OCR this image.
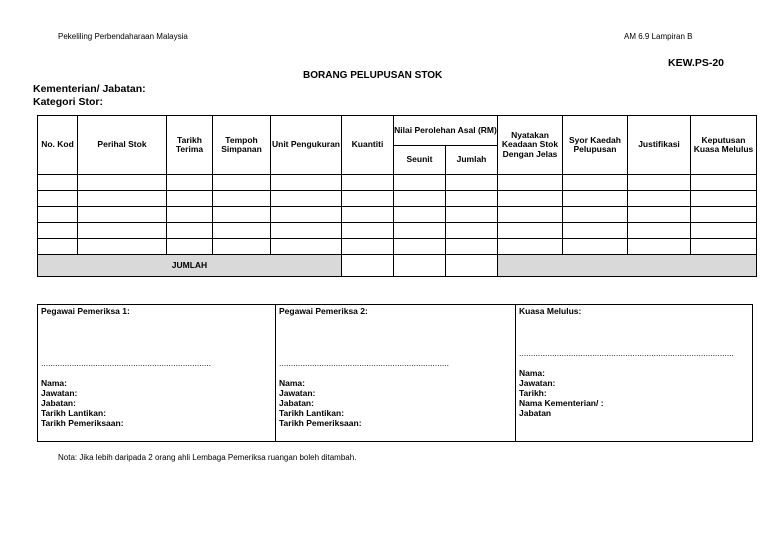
Pekeliling Perbendaharaan Malaysia	AM 6.9 Lampiran B
KEW.PS-20
BORANG PELUPUSAN STOK
Kementerian/ Jabatan:
Kategori Stor:
No. Kod	Perihal Stok	Tarikh Terima	Tempoh Simpanan	Unit Pengukuran	Kuantiti	Nilai Perolehan Asal (RM)		Nyatakan Keadaan Stok Dengan Jelas	Syor Kaedah Pelupusan	Justifikasi	Keputusan Kuasa Melulus
						Seunit	Jumlah				

JUMLAH											
Pegawai Pemeriksa 1:
........................................................................
Nama:
Jawatan:
Jabatan:
Tarikh Lantikan:
Tarikh Pemeriksaan:
Pegawai Pemeriksa 2:
........................................................................
Nama:
Jawatan:
Jabatan:
Tarikh Lantikan:
Tarikh Pemeriksaan:
Kuasa Melulus:
...........................................................................................
Nama:
Jawatan:
Tarikh:
Nama Kementerian/ :
Jabatan
Nota: Jika lebih daripada 2 orang ahli Lembaga Pemeriksa ruangan boleh ditambah.
